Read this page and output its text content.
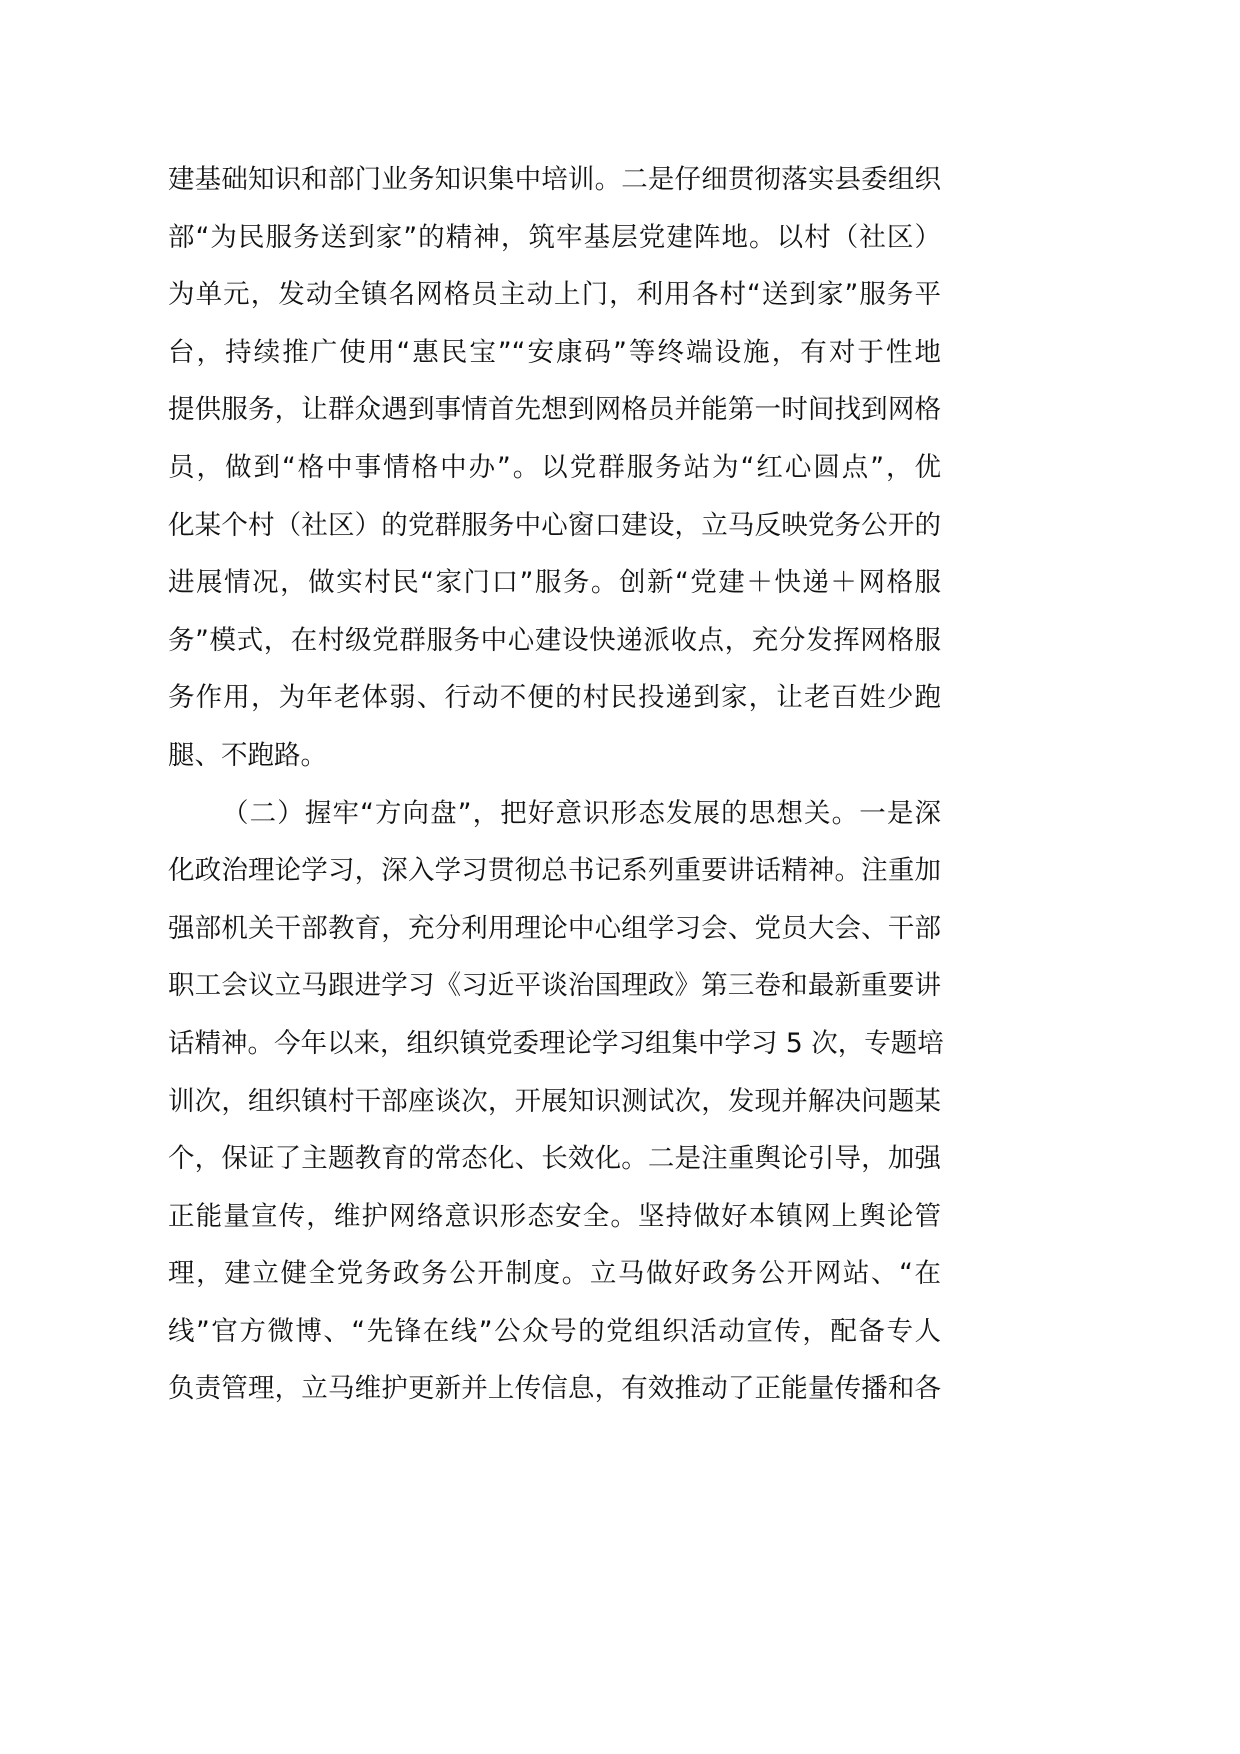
建基础知识和部门业务知识集中培训。二是仔细贯彻落实县委组织
部“为民服务送到家”的精神，筑牢基层党建阵地。以村（社区）
为单元，发动全镇名网格员主动上门，利用各村“送到家”服务平
台，持续推广使用“惠民宝”“安康码”等终端设施，有对于性地
提供服务，让群众遇到事情首先想到网格员并能第一时间找到网格
员，做到“格中事情格中办”。以党群服务站为“红心圆点”，优
化某个村（社区）的党群服务中心窗口建设，立马反映党务公开的
进展情况，做实村民“家门口”服务。创新“党建＋快递＋网格服
务”模式，在村级党群服务中心建设快递派收点，充分发挥网格服
务作用，为年老体弱、行动不便的村民投递到家，让老百姓少跑
腿、不跑路。
（二）握牢“方向盘”，把好意识形态发展的思想关。一是深
化政治理论学习，深入学习贯彻总书记系列重要讲话精神。注重加
强部机关干部教育，充分利用理论中心组学习会、党员大会、干部
职工会议立马跟进学习《习近平谈治国理政》第三卷和最新重要讲
话精神。今年以来，组织镇党委理论学习组集中学习 5 次，专题培
训次，组织镇村干部座谈次，开展知识测试次，发现并解决问题某
个，保证了主题教育的常态化、长效化。二是注重舆论引导，加强
正能量宣传，维护网络意识形态安全。坚持做好本镇网上舆论管
理，建立健全党务政务公开制度。立马做好政务公开网站、“在
线”官方微博、“先锋在线”公众号的党组织活动宣传，配备专人
负责管理，立马维护更新并上传信息，有效推动了正能量传播和各
